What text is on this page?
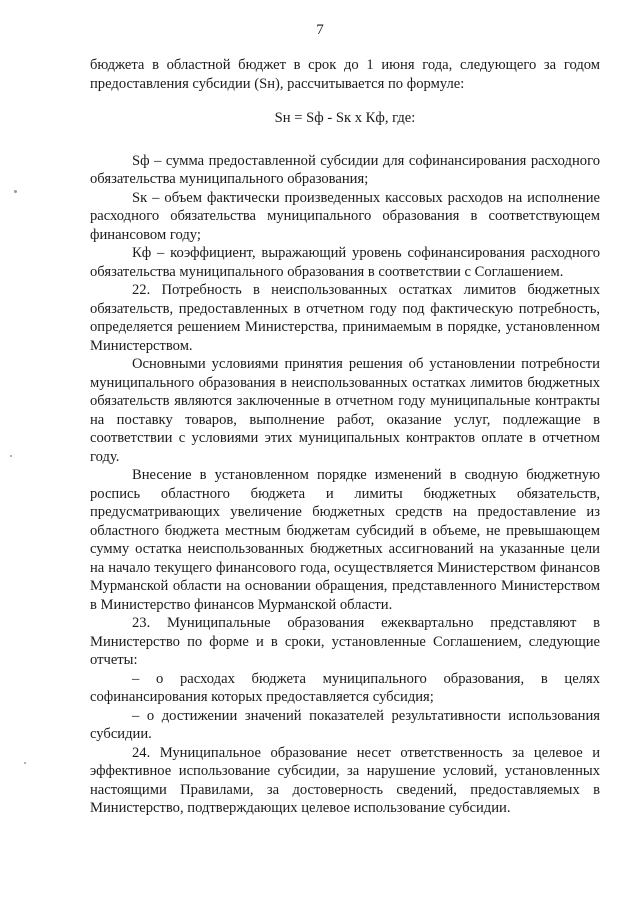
7

бюджета в областной бюджет в срок до 1 июня года, следующего за годом предоставления субсидии (Sн), рассчитывается по формуле:

Sн = Sф - Sк x Кф, где:

Sф – сумма предоставленной субсидии для софинансирования расходного обязательства муниципального образования;

Sк – объем фактически произведенных кассовых расходов на исполнение расходного обязательства муниципального образования в соответствующем финансовом году;

Кф – коэффициент, выражающий уровень софинансирования расходного обязательства муниципального образования в соответствии с Соглашением.

22. Потребность в неиспользованных остатках лимитов бюджетных обязательств, предоставленных в отчетном году под фактическую потребность, определяется решением Министерства, принимаемым в порядке, установленном Министерством.

Основными условиями принятия решения об установлении потребности муниципального образования в неиспользованных остатках лимитов бюджетных обязательств являются заключенные в отчетном году муниципальные контракты на поставку товаров, выполнение работ, оказание услуг, подлежащие в соответствии с условиями этих муниципальных контрактов оплате в отчетном году.

Внесение в установленном порядке изменений в сводную бюджетную роспись областного бюджета и лимиты бюджетных обязательств, предусматривающих увеличение бюджетных средств на предоставление из областного бюджета местным бюджетам субсидий в объеме, не превышающем сумму остатка неиспользованных бюджетных ассигнований на указанные цели на начало текущего финансового года, осуществляется Министерством финансов Мурманской области на основании обращения, представленного Министерством в Министерство финансов Мурманской области.

23. Муниципальные образования ежеквартально представляют в Министерство по форме и в сроки, установленные Соглашением, следующие отчеты:

– о расходах бюджета муниципального образования, в целях софинансирования которых предоставляется субсидия;

– о достижении значений показателей результативности использования субсидии.

24. Муниципальное образование несет ответственность за целевое и эффективное использование субсидии, за нарушение условий, установленных настоящими Правилами, за достоверность сведений, предоставляемых в Министерство, подтверждающих целевое использование субсидии.
